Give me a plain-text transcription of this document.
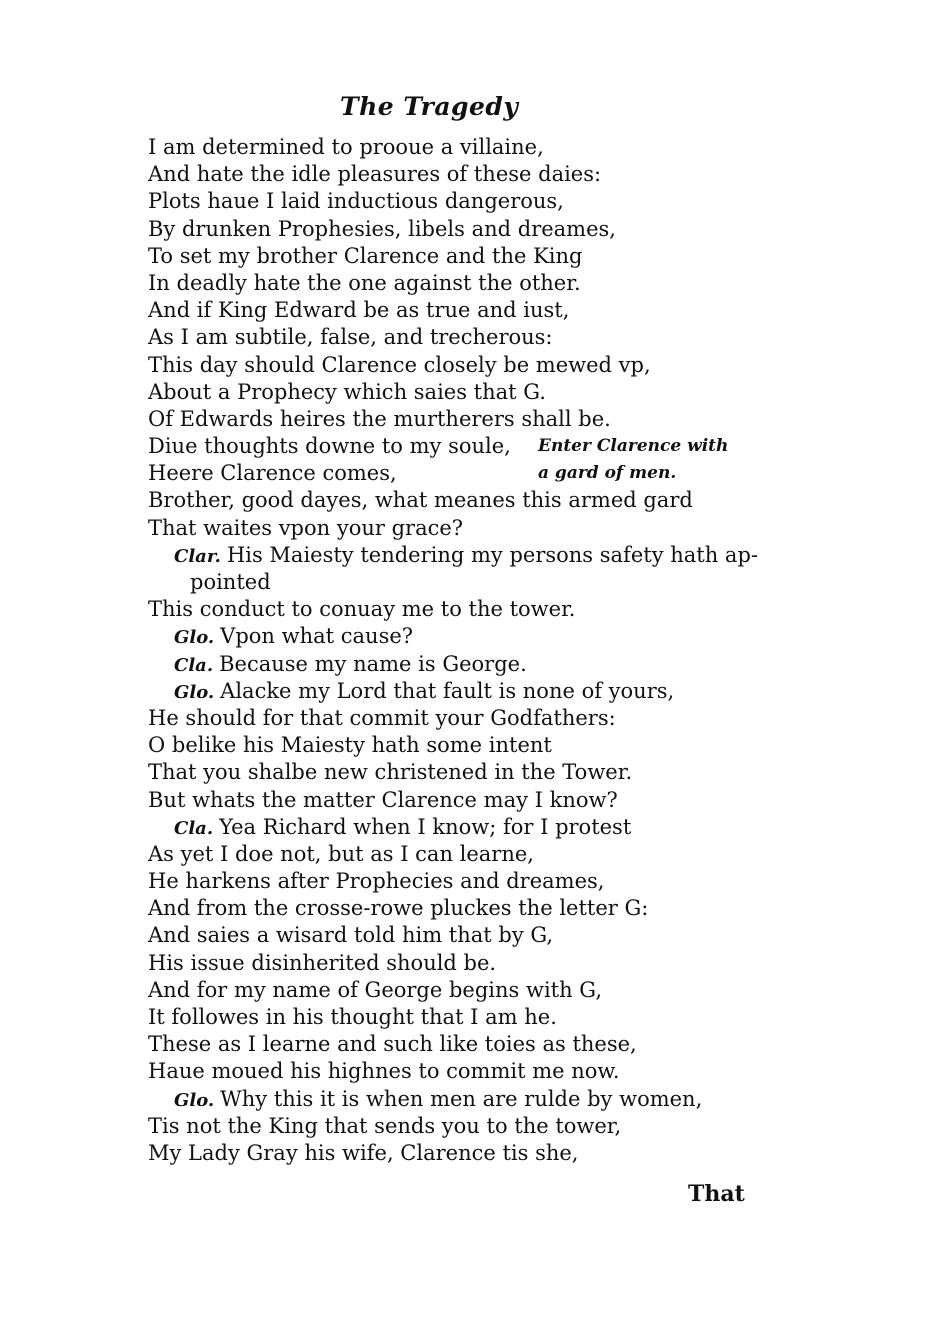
The Tragedy
I am determined to prooue a villaine,
And hate the idle pleasures of these daies:
Plots haue I laid inductious dangerous,
By drunken Prophesies, libels and dreames,
To set my brother Clarence and the King
In deadly hate the one against the other.
And if King Edward be as true and iust,
As I am subtile, false, and trecherous:
This day should Clarence closely be mewed vp,
About a Prophecy which saies that G.
Of Edwards heires the murtherers shall be.
Diue thoughts downe to my soule, Enter Clarence with
Heere Clarence comes,	a gard of men.
Brother, good dayes, what meanes this armed gard
That waites vpon your grace?
Clar. His Maiesty tendering my persons safety hath ap-
pointed
This conduct to conuay me to the tower.
Glo. Vpon what cause?
Cla. Because my name is George.
Glo. Alacke my Lord that fault is none of yours,
He should for that commit your Godfathers:
O belike his Maiesty hath some intent
That you shalbe new christened in the Tower.
But whats the matter Clarence may I know?
Cla. Yea Richard when I know; for I protest
As yet I doe not, but as I can learne,
He harkens after Prophecies and dreames,
And from the crosse-rowe pluckes the letter G:
And saies a wisard told him that by G,
His issue disinherited should be.
And for my name of George begins with G,
It followes in his thought that I am he.
These as I learne and such like toies as these,
Haue moued his highnes to commit me now.
Glo. Why this it is when men are rulde by women,
Tis not the King that sends you to the tower,
My Lady Gray his wife, Clarence tis she,
That
